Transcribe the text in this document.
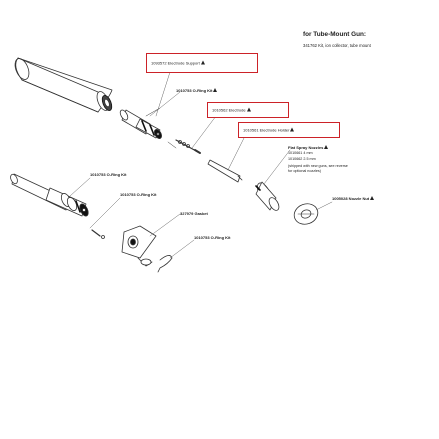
for Tube-Mount Gun:
341762 Kit, ion collector, tube mount
1093572 Electrode Support
1010562 Electrode
1010561 Electrode Holder
1010753 O-Ring Kit
1010753 O-Ring Kit
1010753 O-Ring Kit
327979 Gasket
1010753 O-Ring Kit
1005028 Nozzle Nut
Flat Spray Nozzles
1010661 4 mm
1010662 2.5 mm
(shipped with new guns, see reverse
for optional nozzles)
